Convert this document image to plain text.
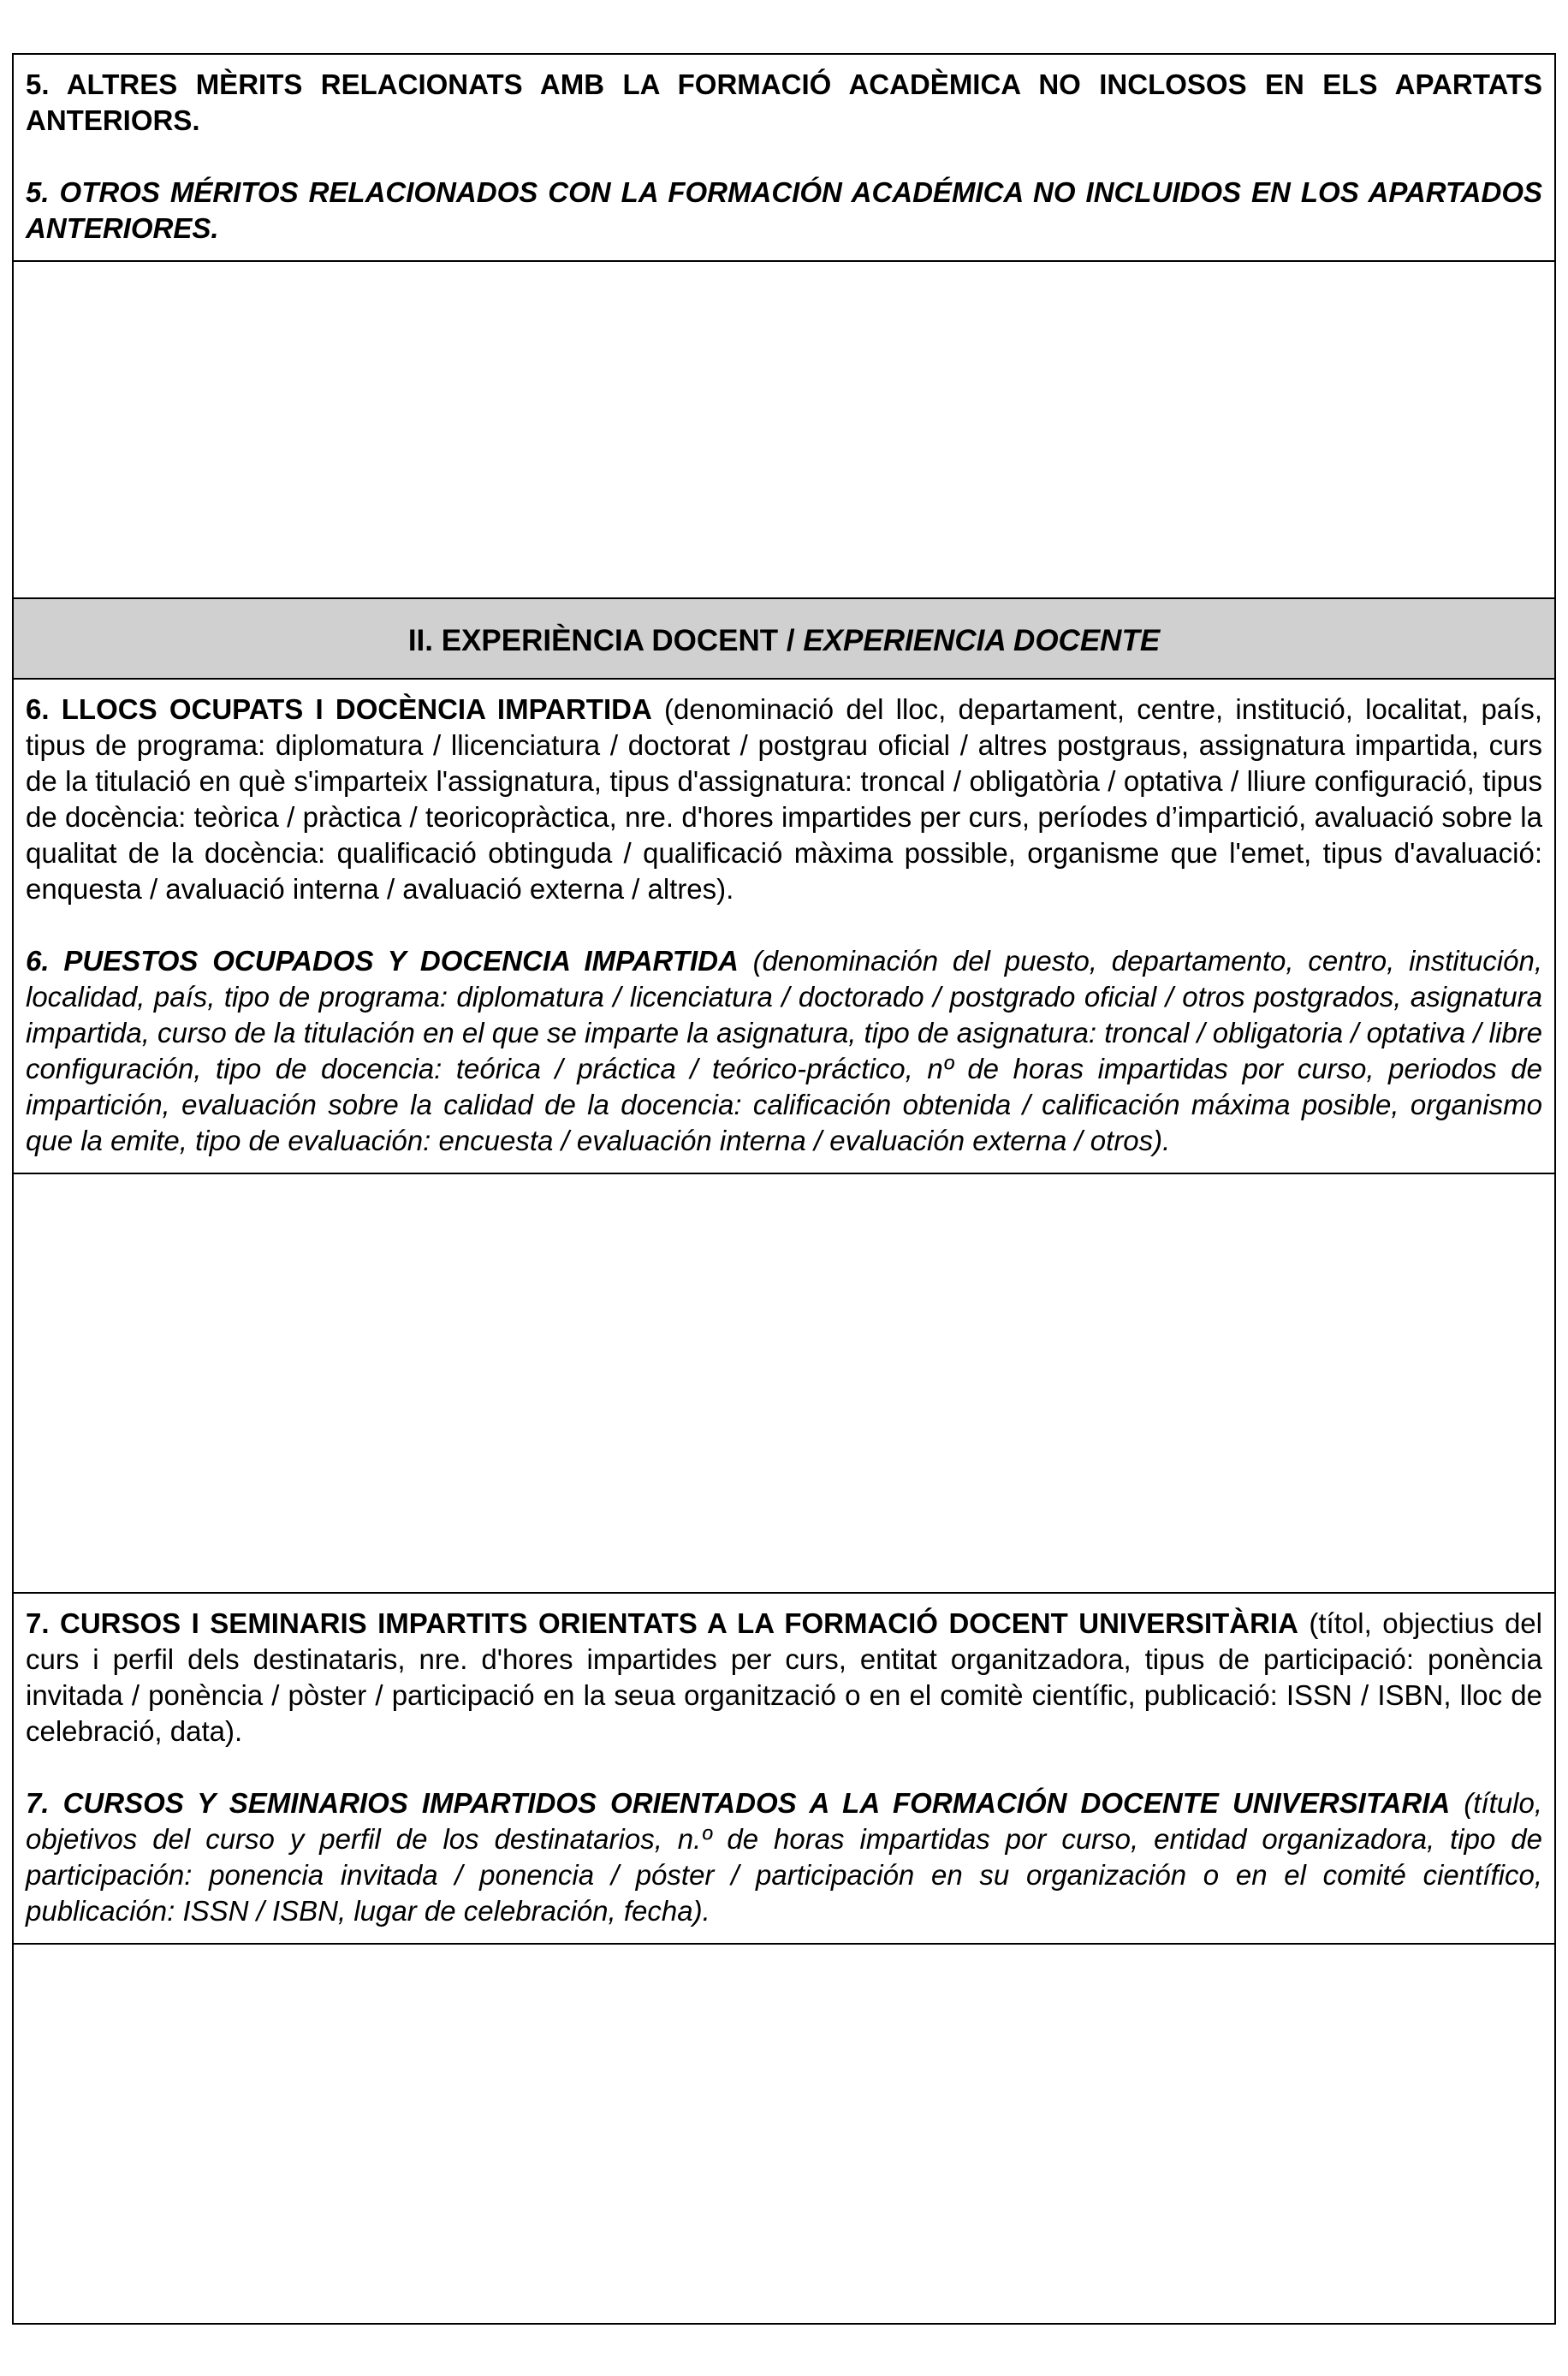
5. ALTRES MÈRITS RELACIONATS AMB LA FORMACIÓ ACADÈMICA NO INCLOSOS EN ELS APARTATS ANTERIORS.

5. OTROS MÉRITOS RELACIONADOS CON LA FORMACIÓN ACADÉMICA NO INCLUIDOS EN LOS APARTADOS ANTERIORES.

II. EXPERIÈNCIA DOCENT / EXPERIENCIA DOCENTE

6. LLOCS OCUPATS I DOCÈNCIA IMPARTIDA (denominació del lloc, departament, centre, institució, localitat, país, tipus de programa: diplomatura / llicenciatura / doctorat / postgrau oficial / altres postgraus, assignatura impartida, curs de la titulació en què s'imparteix l'assignatura, tipus d'assignatura: troncal / obligatòria / optativa / lliure configuració, tipus de docència: teòrica / pràctica / teoricopràctica, nre. d'hores impartides per curs, períodes d’impartició, avaluació sobre la qualitat de la docència: qualificació obtinguda / qualificació màxima possible, organisme que l'emet, tipus d'avaluació: enquesta / avaluació interna / avaluació externa / altres).

6. PUESTOS OCUPADOS Y DOCENCIA IMPARTIDA (denominación del puesto, departamento, centro, institución, localidad, país, tipo de programa: diplomatura / licenciatura / doctorado / postgrado oficial / otros postgrados, asignatura impartida, curso de la titulación en el que se imparte la asignatura, tipo de asignatura: troncal / obligatoria / optativa / libre configuración, tipo de docencia: teórica / práctica / teórico-práctico, nº de horas impartidas por curso, periodos de impartición, evaluación sobre la calidad de la docencia: calificación obtenida / calificación máxima posible, organismo que la emite, tipo de evaluación: encuesta / evaluación interna / evaluación externa / otros).

7. CURSOS I SEMINARIS IMPARTITS ORIENTATS A LA FORMACIÓ DOCENT UNIVERSITÀRIA (títol, objectius del curs i perfil dels destinataris, nre. d'hores impartides per curs, entitat organitzadora, tipus de participació: ponència invitada / ponència / pòster / participació en la seua organització o en el comitè científic, publicació: ISSN / ISBN, lloc de celebració, data).

7. CURSOS Y SEMINARIOS IMPARTIDOS ORIENTADOS A LA FORMACIÓN DOCENTE UNIVERSITARIA (título, objetivos del curso y perfil de los destinatarios, n.º de horas impartidas por curso, entidad organizadora, tipo de participación: ponencia invitada / ponencia / póster / participación en su organización o en el comité científico, publicación: ISSN / ISBN, lugar de celebración, fecha).
